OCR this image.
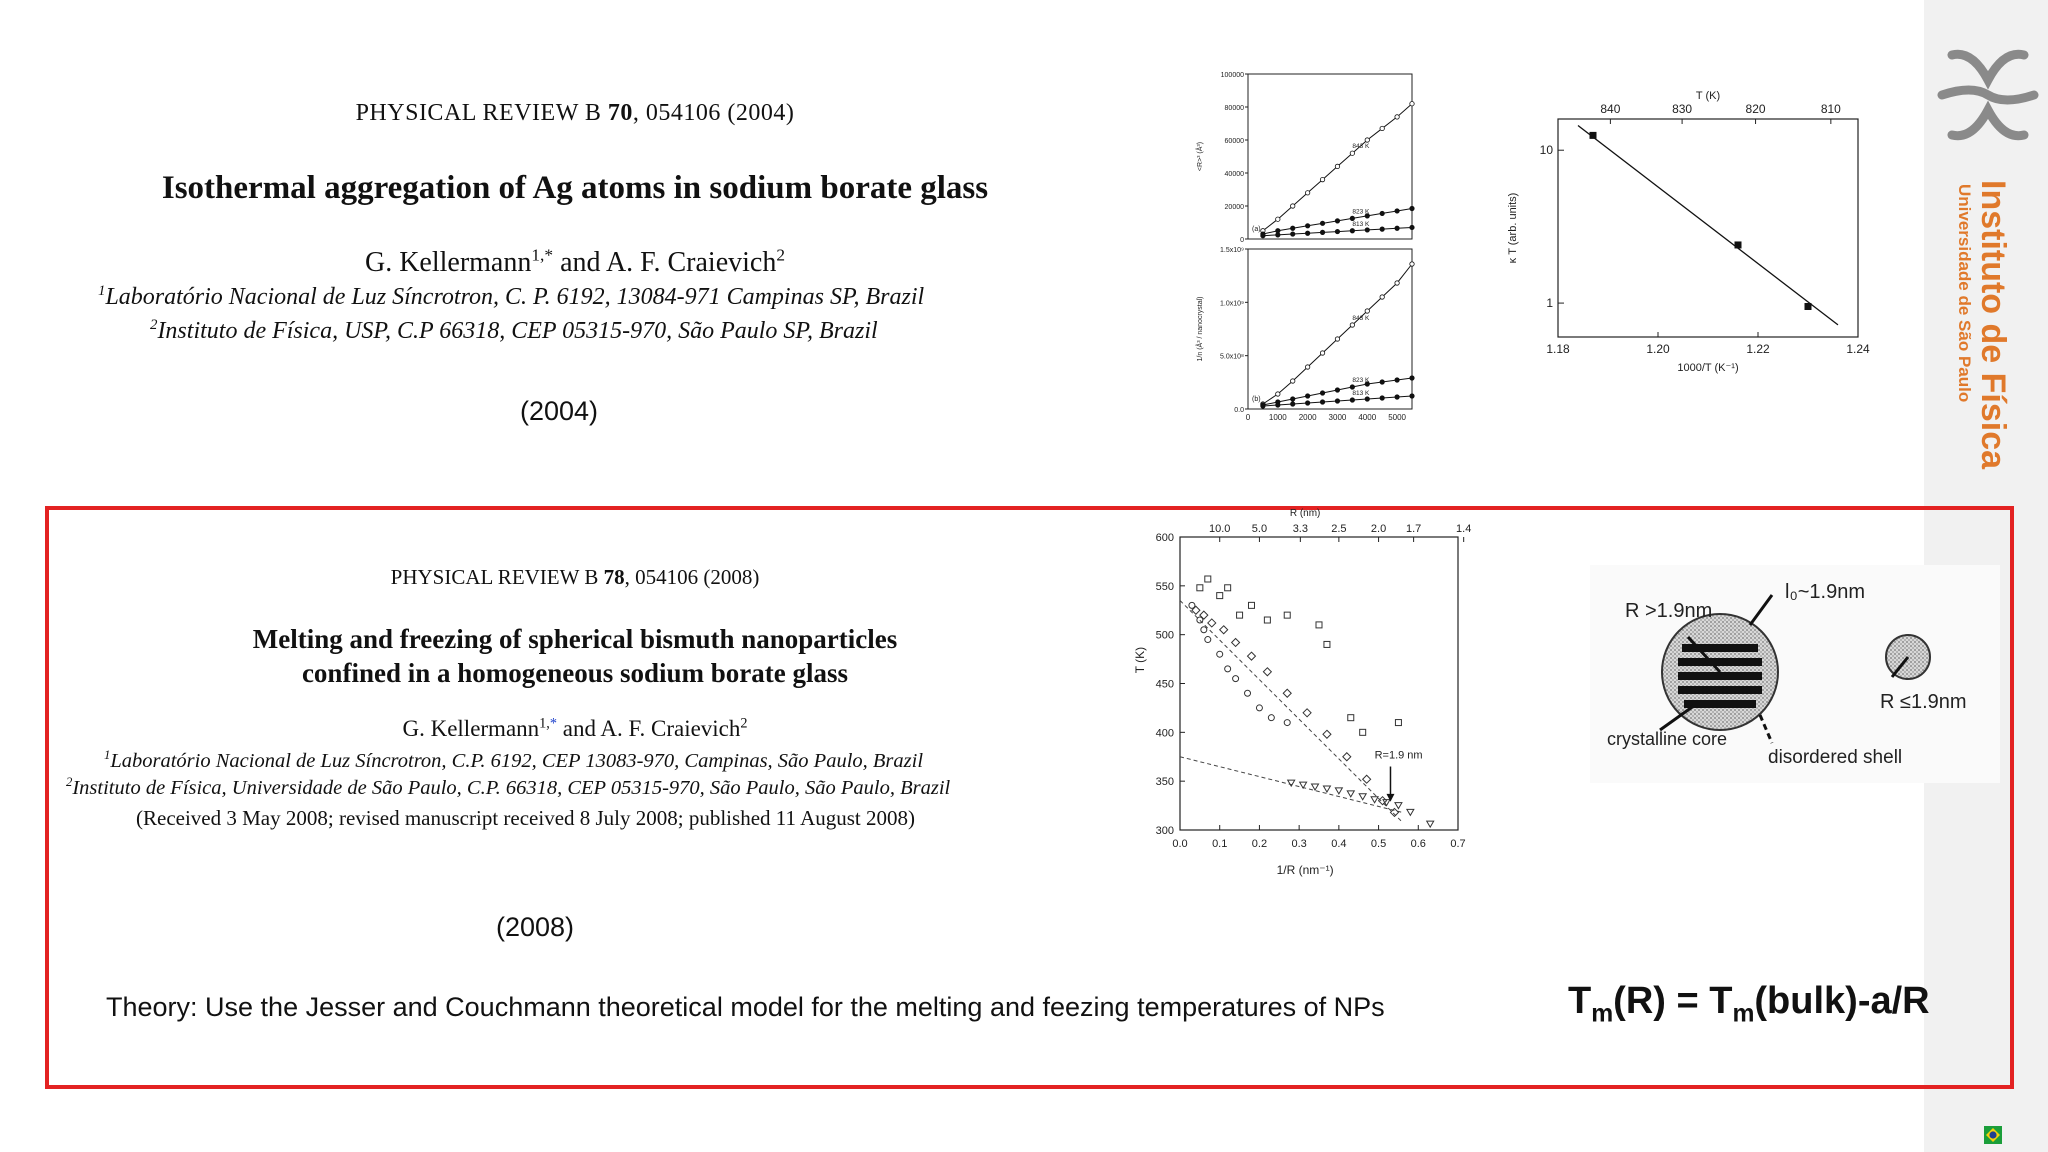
Instituto de Física
Universidade de São Paulo
PHYSICAL REVIEW B 70, 054106 (2004)
Isothermal aggregation of Ag atoms in sodium borate glass
G. Kellermann$^{1,*}$ and A. F. Craievich$^2$
$^1$Laboratório Nacional de Luz Síncrotron, C. P. 6192, 13084-971 Campinas SP, Brazil
$^2$Instituto de Física, USP, C.P 66318, CEP 05315-970, São Paulo SP, Brazil
(2004)
100000
80000
60000
40000
20000
0
<R>³ (Å³)
(a)
843 K
823 K
813 K
1.5x10⁹
1.0x10⁹
5.0x10⁸
0.0
0 1000 2000 3000 4000 5000
1/n (Å³ / nanocrystal)
(b)
843 K
823 K
813 K
1.18	1.20	1.22	1.24
840	830	820	810
10
1
T (K)
1000/T (K⁻¹)
κ T (arb. units)
PHYSICAL REVIEW B 78, 054106 (2008)
Melting and freezing of spherical bismuth nanoparticles
confined in a homogeneous sodium borate glass
G. Kellermann$^{1,*}$ and A. F. Craievich$^2$
$^1$Laboratório Nacional de Luz Síncrotron, C.P. 6192, CEP 13083-970, Campinas, São Paulo, Brazil
$^2$Instituto de Física, Universidade de São Paulo, C.P. 66318, CEP 05315-970, São Paulo, São Paulo, Brazil
(Received 3 May 2008; revised manuscript received 8 July 2008; published 11 August 2008)
(2008)
0.0 0.1 0.2 0.3 0.4 0.5 0.6 0.7
600
550
500
450
400
350
300
10.0 5.0 3.3 2.5 2.0 1.7	1.4
R (nm)
1/R (nm⁻¹)
T (K)
R=1.9 nm
R >1.9nm
l₀~1.9nm
R ≤1.9nm
crystalline core
disordered shell
Theory: Use the Jesser and Couchmann theoretical model for the melting and feezing temperatures of NPs	$T_m(R)$ = $T_m(bulk)-a/R$
